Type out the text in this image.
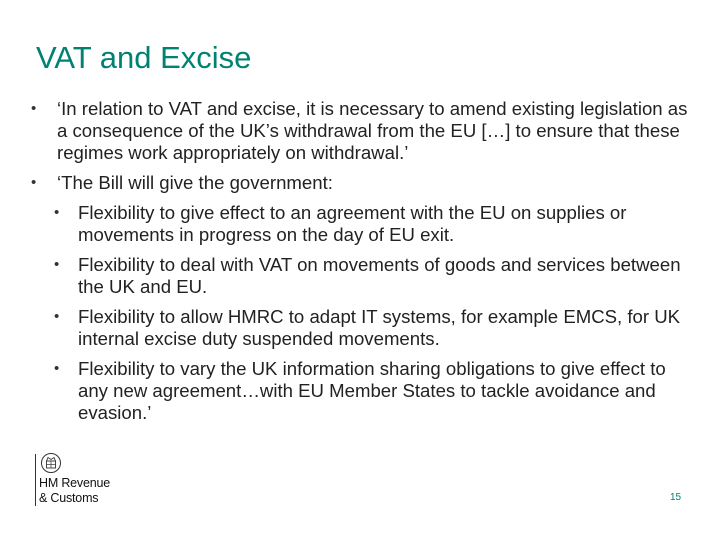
VAT and Excise
• ‘In relation to VAT and excise, it is necessary to amend existing legislation as a consequence of the UK’s withdrawal from the EU […] to ensure that these regimes work appropriately on withdrawal.’
• ‘The Bill will give the government:
• Flexibility to give effect to an agreement with the EU on supplies or movements in progress on the day of EU exit.
• Flexibility to deal with VAT on movements of goods and services between the UK and EU.
• Flexibility to allow HMRC to adapt IT systems, for example EMCS, for UK internal excise duty suspended movements.
• Flexibility to vary the UK information sharing obligations to give effect to any new agreement…with EU Member States to tackle avoidance and evasion.’
HM Revenue
& Customs	15
